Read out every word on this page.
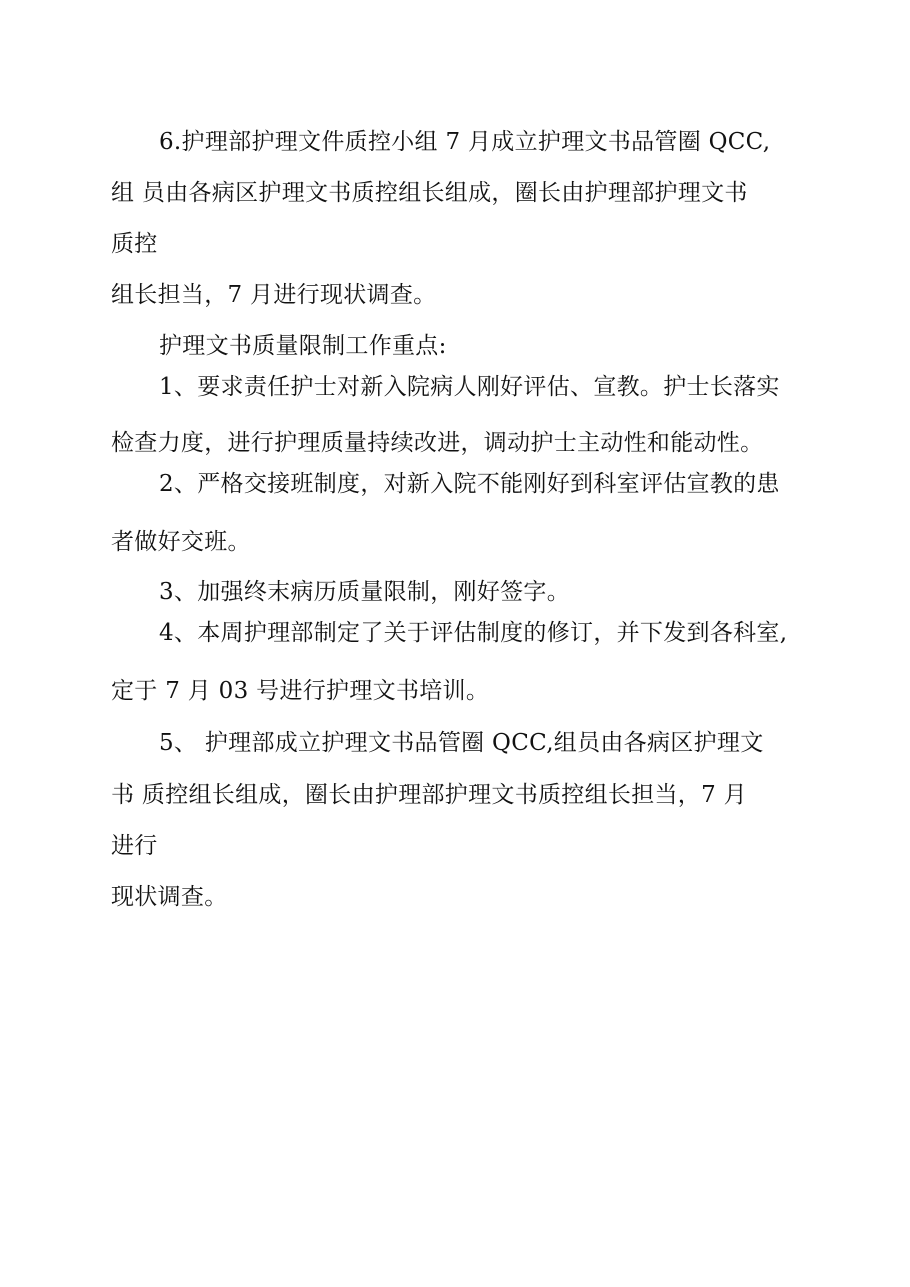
6.护理部护理文件质控小组 7 月成立护理文书品管圈 QCC,
组 员由各病区护理文书质控组长组成，圈长由护理部护理文书
质控
组长担当，7 月进行现状调查。
护理文书质量限制工作重点:
1、要求责任护士对新入院病人刚好评估、宣教。护士长落实
检查力度，进行护理质量持续改进，调动护士主动性和能动性。
2、严格交接班制度，对新入院不能刚好到科室评估宣教的患
者做好交班。
3、加强终末病历质量限制，刚好签字。
4、本周护理部制定了关于评估制度的修订，并下发到各科室,
定于 7 月 03 号进行护理文书培训。
5、 护理部成立护理文书品管圈 QCC,组员由各病区护理文
书 质控组长组成，圈长由护理部护理文书质控组长担当，7 月
进行
现状调查。
